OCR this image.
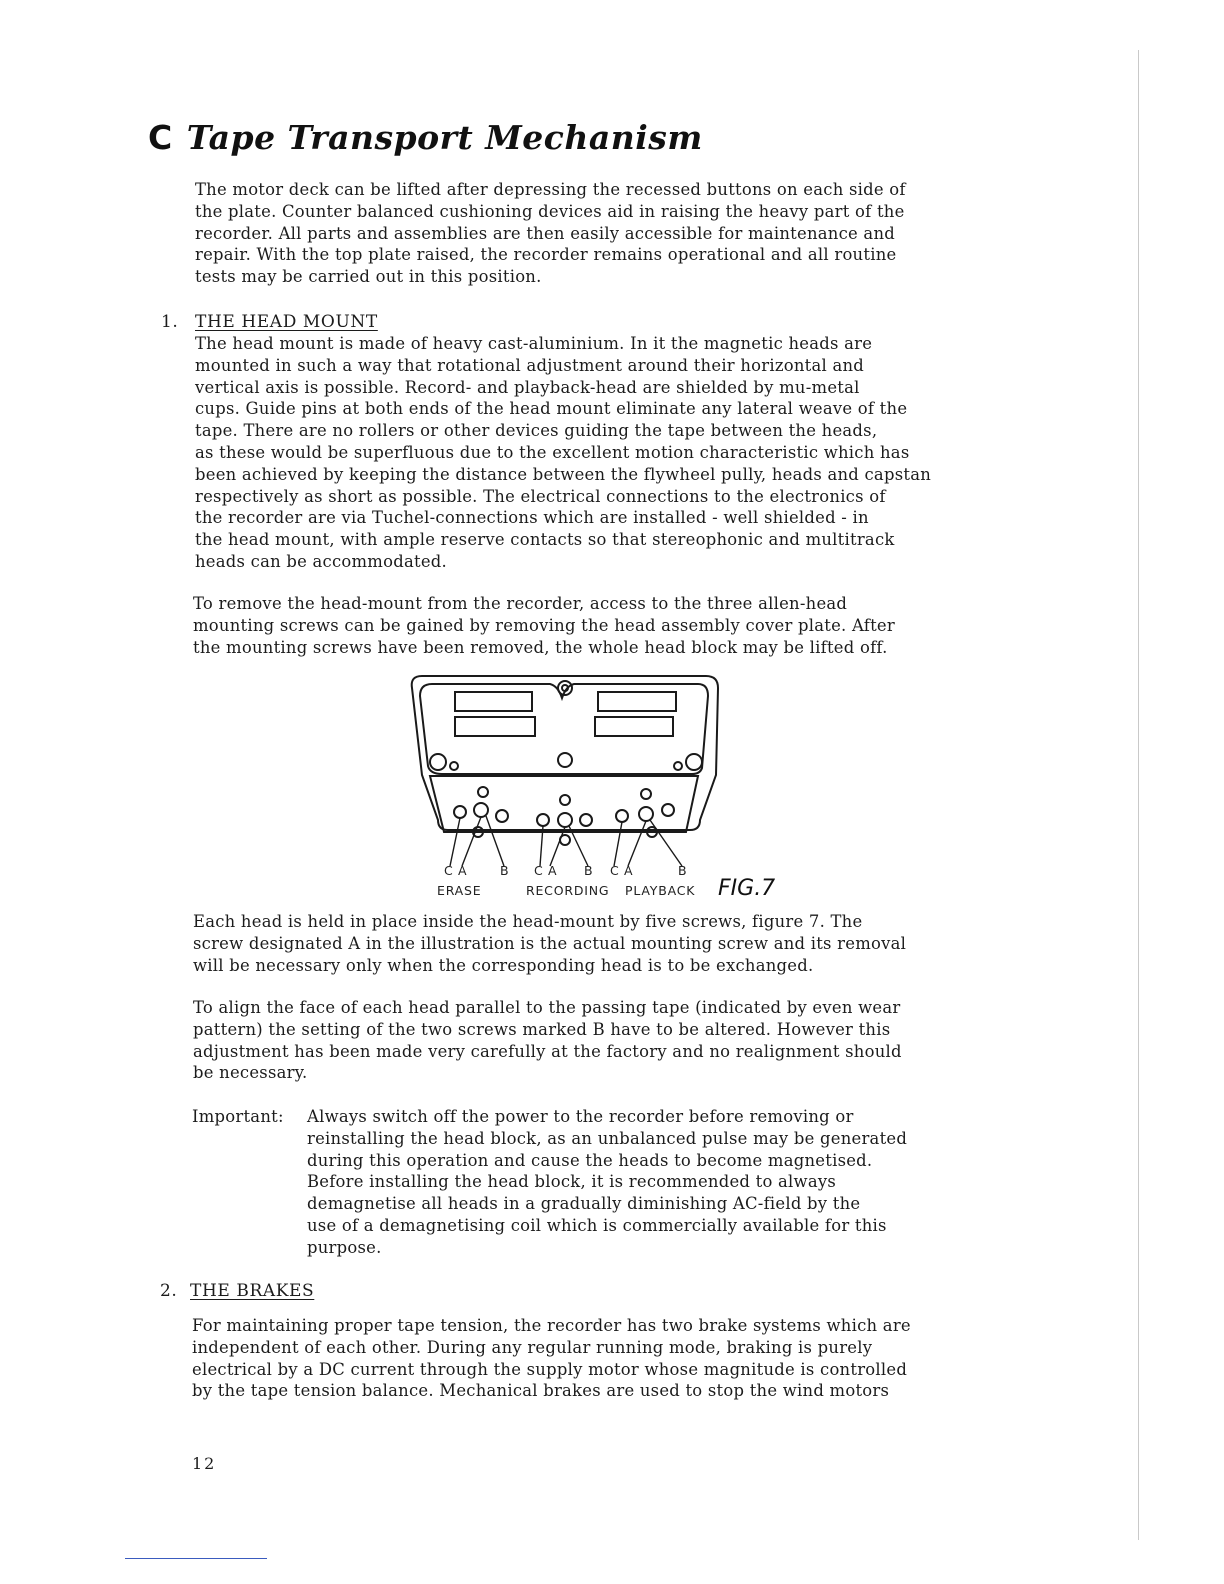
C Tape Transport Mechanism

The motor deck can be lifted after depressing the recessed buttons on each side of
the plate. Counter balanced cushioning devices aid in raising the heavy part of the
recorder. All parts and assemblies are then easily accessible for maintenance and
repair. With the top plate raised, the recorder remains operational and all routine
tests may be carried out in this position.

1. THE HEAD MOUNT

The head mount is made of heavy cast-aluminium. In it the magnetic heads are
mounted in such a way that rotational adjustment around their horizontal and
vertical axis is possible. Record- and playback-head are shielded by mu-metal
cups. Guide pins at both ends of the head mount eliminate any lateral weave of the
tape. There are no rollers or other devices guiding the tape between the heads,
as these would be superfluous due to the excellent motion characteristic which has
been achieved by keeping the distance between the flywheel pully, heads and capstan
respectively as short as possible. The electrical connections to the electronics of
the recorder are via Tuchel-connections which are installed - well shielded - in
the head mount, with ample reserve contacts so that stereophonic and multitrack
heads can be accommodated.

To remove the head-mount from the recorder, access to the three allen-head
mounting screws can be gained by removing the head assembly cover plate. After
the mounting screws have been removed, the whole head block may be lifted off.

C A	B C A B C A	B
ERASE	RECORDING PLAYBACK FIG.7

Each head is held in place inside the head-mount by five screws, figure 7. The
screw designated A in the illustration is the actual mounting screw and its removal
will be necessary only when the corresponding head is to be exchanged.

To align the face of each head parallel to the passing tape (indicated by even wear
pattern) the setting of the two screws marked B have to be altered. However this
adjustment has been made very carefully at the factory and no realignment should
be necessary.

Important: Always switch off the power to the recorder before removing or
reinstalling the head block, as an unbalanced pulse may be generated
during this operation and cause the heads to become magnetised.
Before installing the head block, it is recommended to always
demagnetise all heads in a gradually diminishing AC-field by the
use of a demagnetising coil which is commercially available for this
purpose.

2. THE BRAKES

For maintaining proper tape tension, the recorder has two brake systems which are
independent of each other. During any regular running mode, braking is purely
electrical by a DC current through the supply motor whose magnitude is controlled
by the tape tension balance. Mechanical brakes are used to stop the wind motors

12
